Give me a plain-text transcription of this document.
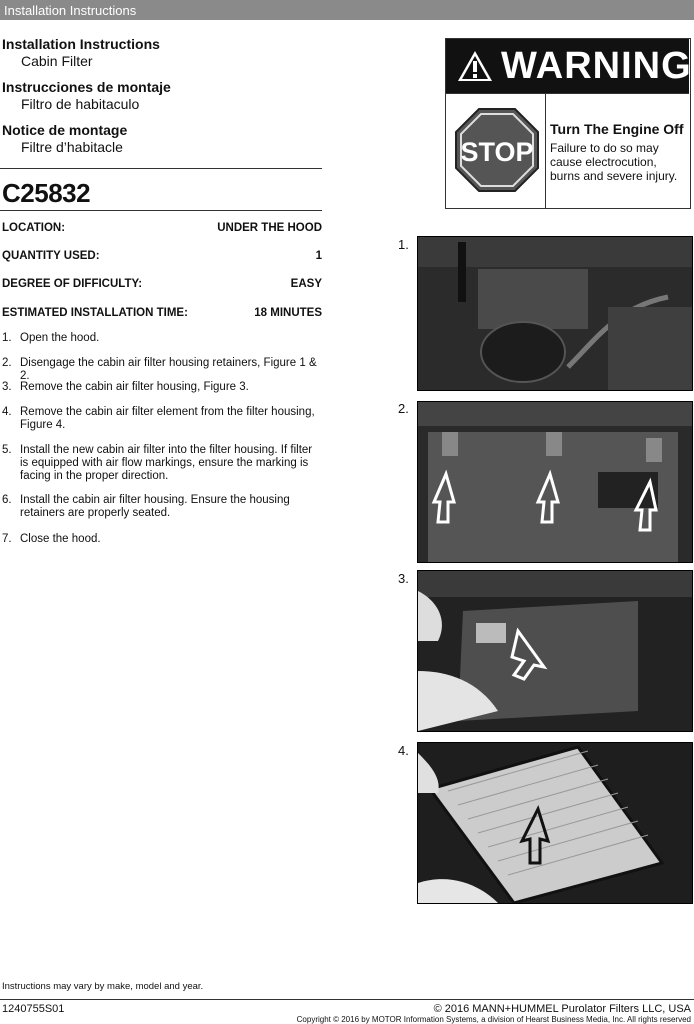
Installation Instructions
Installation Instructions
Cabin Filter
Instrucciones de montaje
Filtro de habitaculo
Notice de montage
Filtre d’habitacle
C25832
LOCATION:	UNDER THE HOOD
QUANTITY USED:	1
DEGREE OF DIFFICULTY:	EASY
ESTIMATED INSTALLATION TIME:	18 MINUTES
1. Open the hood.
2. Disengage the cabin air filter housing retainers, Figure 1 & 2.
3. Remove the cabin air filter housing, Figure 3.
4. Remove the cabin air filter element from the filter housing, Figure 4.
5. Install the new cabin air filter into the filter housing. If filter is equipped with air flow markings, ensure the marking is facing in the proper direction.
6. Install the cabin air filter housing. Ensure the housing retainers are properly seated.
7. Close the hood.
WARNING
STOP
Turn The Engine Off
Failure to do so may cause electrocution, burns and severe injury.
1.
2.
3.
4.
Instructions may vary by make, model and year.
1240755S01	© 2016 MANN+HUMMEL Purolator Filters LLC, USA
Copyright © 2016 by MOTOR Information Systems, a division of Hearst Business Media, Inc. All rights reserved
